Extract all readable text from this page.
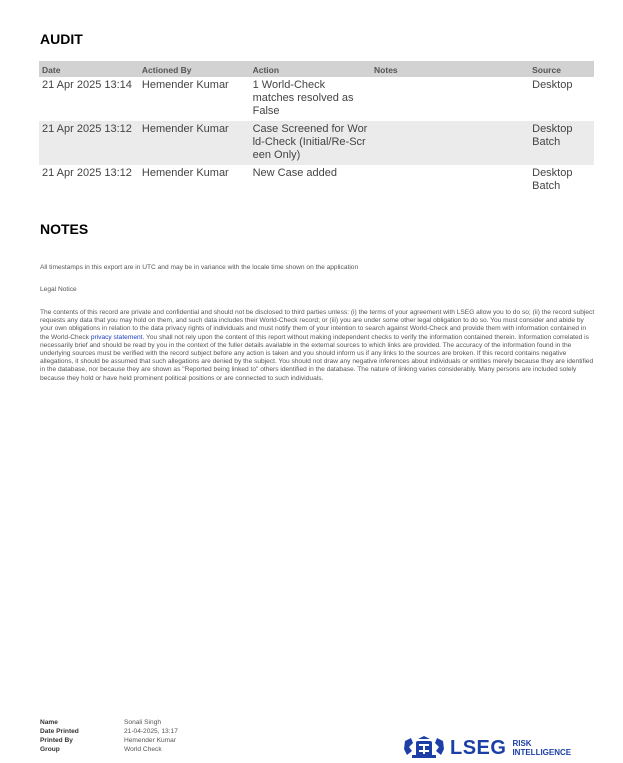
AUDIT
Date	Actioned By	Action	Notes	Source
21 Apr 2025 13:14	Hemender Kumar	1 World-Check matches resolved as False		Desktop
21 Apr 2025 13:12	Hemender Kumar	Case Screened for World-Check (Initial/Re-Screen Only)		Desktop Batch
21 Apr 2025 13:12	Hemender Kumar	New Case added		Desktop Batch
NOTES
All timestamps in this export are in UTC and may be in variance with the locale time shown on the application
Legal Notice
The contents of this record are private and confidential and should not be disclosed to third parties unless: (i) the terms of your agreement with LSEG allow you to do so; (ii) the record subject requests any data that you may hold on them, and such data includes their World-Check record; or (iii) you are under some other legal obligation to do so. You must consider and abide by your own obligations in relation to the data privacy rights of individuals and must notify them of your intention to search against World-Check and provide them with information contained in the World-Check privacy statement. You shall not rely upon the content of this report without making independent checks to verify the information contained therein. Information correlated is necessarily brief and should be read by you in the context of the fuller details available in the external sources to which links are provided. The accuracy of the information found in the underlying sources must be verified with the record subject before any action is taken and you should inform us if any links to the sources are broken. If this record contains negative allegations, it should be assumed that such allegations are denied by the subject. You should not draw any negative inferences about individuals or entities merely because they are identified in the database, nor because they are shown as "Reported being linked to" others identified in the database. The nature of linking varies considerably. Many persons are included solely because they hold or have held prominent political positions or are connected to such individuals.
Name	Sonali Singh
Date Printed	21-04-2025, 13:17
Printed By	Hemender Kumar
Group	World Check	LSEG RISK
INTELLIGENCE
